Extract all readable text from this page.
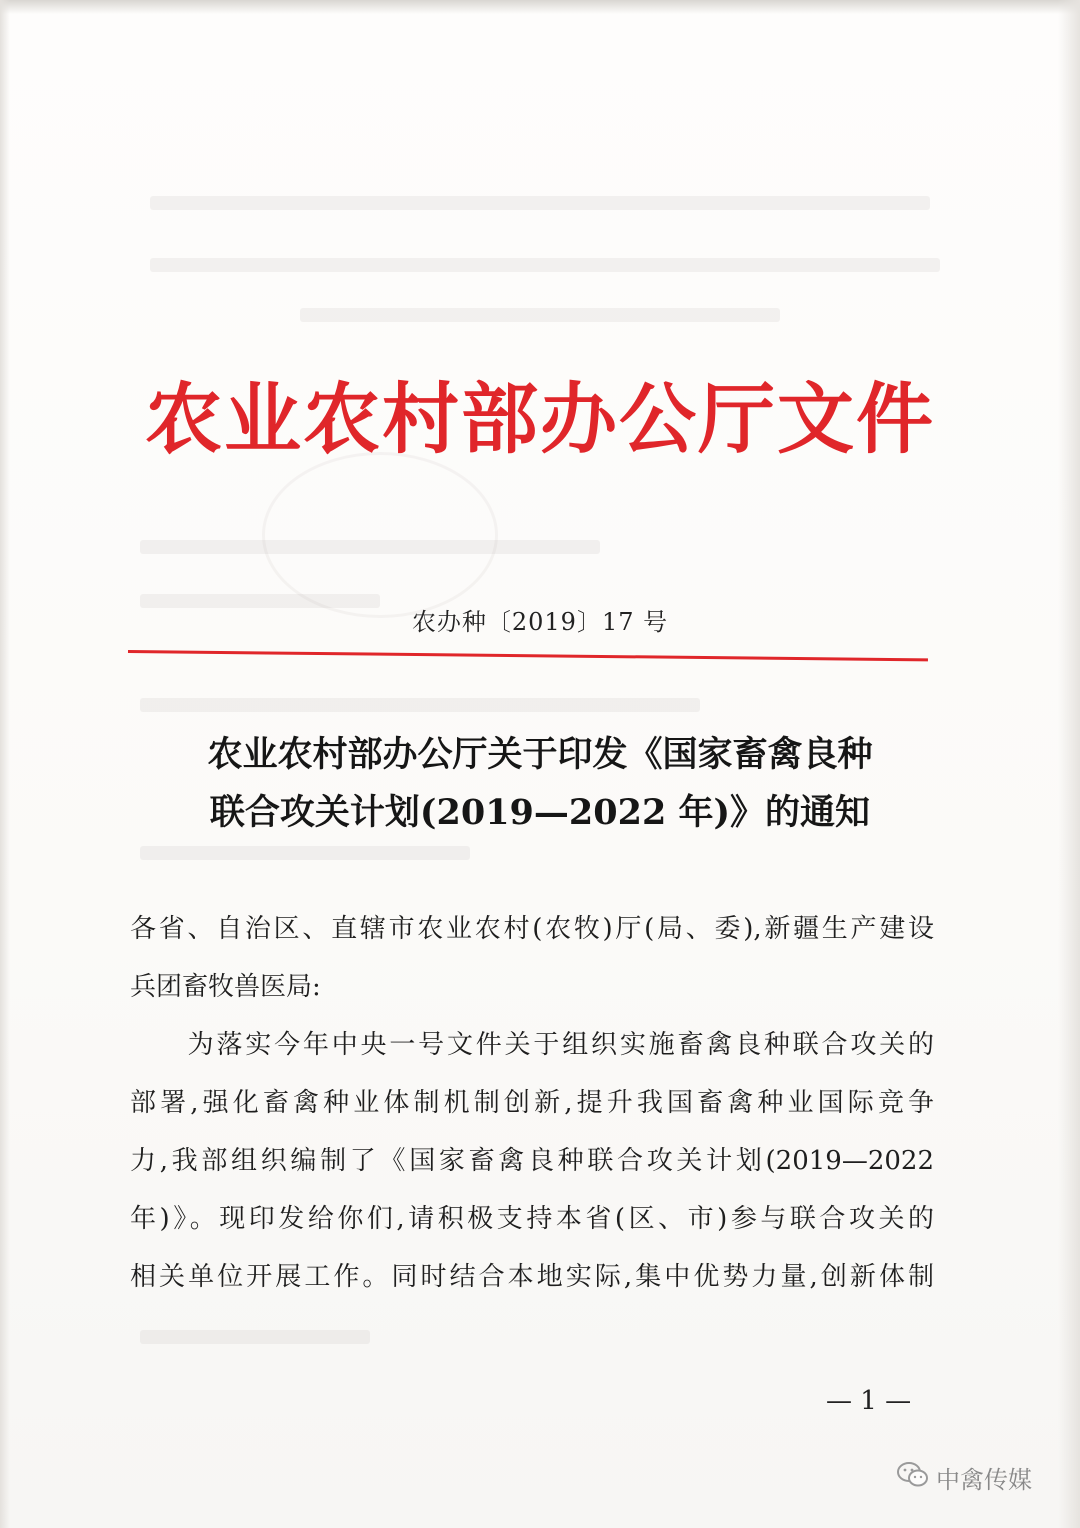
农业农村部办公厅文件
农办种〔2019〕17 号
农业农村部办公厅关于印发《国家畜禽良种
联合攻关计划(2019—2022 年)》的通知
各省、自治区、直辖市农业农村(农牧)厅(局、委),新疆生产建设
兵团畜牧兽医局:
　　为落实今年中央一号文件关于组织实施畜禽良种联合攻关的
部署,强化畜禽种业体制机制创新,提升我国畜禽种业国际竞争
力,我部组织编制了《国家畜禽良种联合攻关计划(2019—2022
年)》。现印发给你们,请积极支持本省(区、市)参与联合攻关的
相关单位开展工作。同时结合本地实际,集中优势力量,创新体制
— 1 —
中禽传媒
